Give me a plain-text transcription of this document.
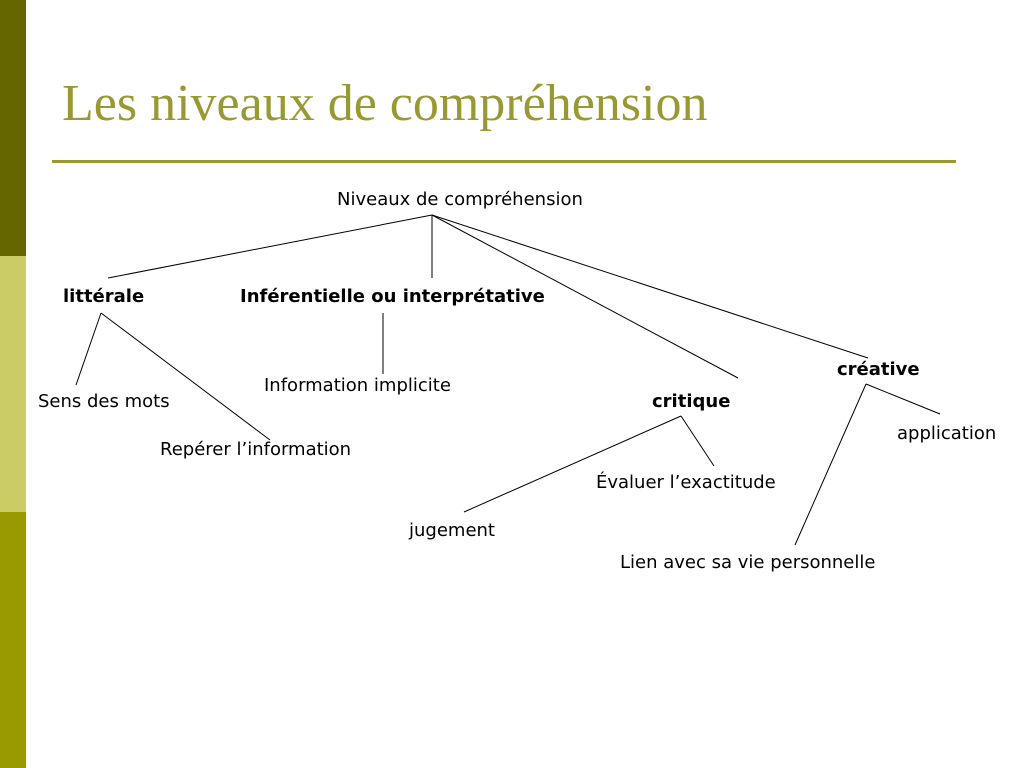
Les niveaux de compréhension
Niveaux de compréhension
littérale	Inférentielle ou interprétative
critique
créative
Sens des mots
Repérer l’information
Information implicite
Évaluer l’exactitude
jugement
application
Lien avec sa vie personnelle
